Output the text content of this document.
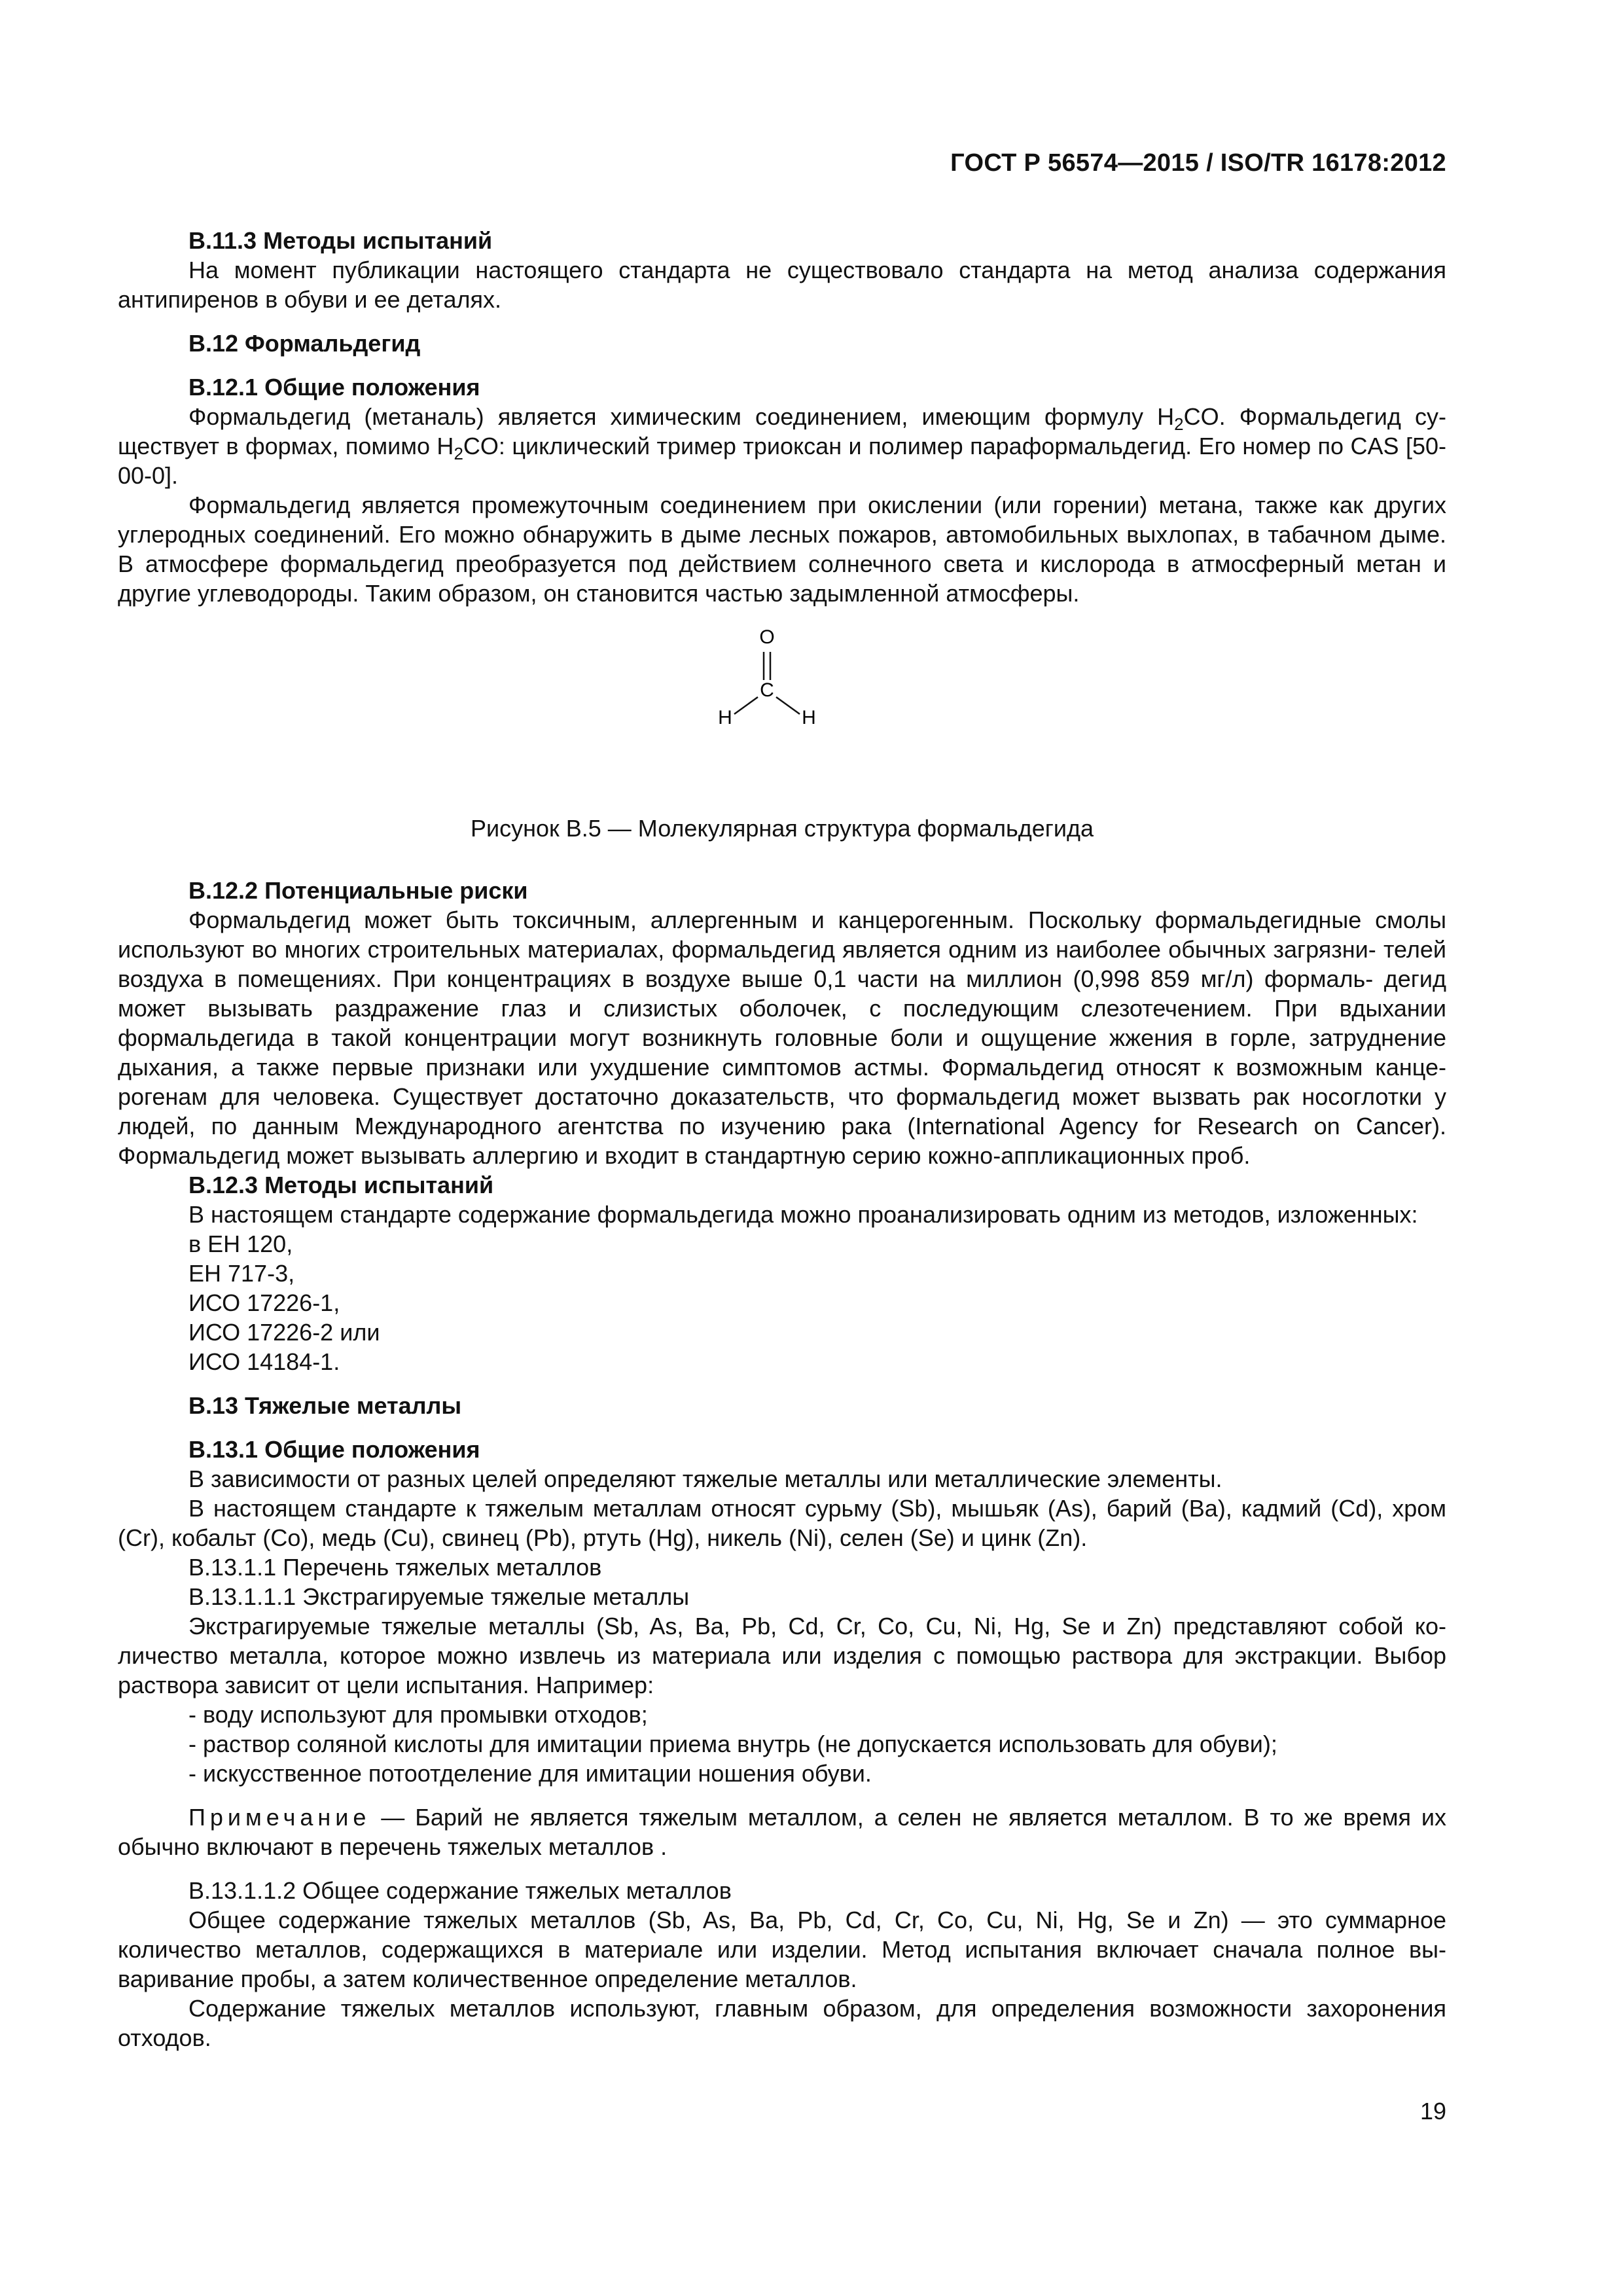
ГОСТ Р 56574—2015 / ISO/TR 16178:2012

В.11.3 Методы испытаний

На момент публикации настоящего стандарта не существовало стандарта на метод анализа содержания антипиренов в обуви и ее деталях.

В.12 Формальдегид

В.12.1 Общие положения

Формальдегид (метаналь) является химическим соединением, имеющим формулу $H_2CO$. Формальдегид су- ществует в формах, помимо $H_2CO$: циклический тример триоксан и полимер параформальдегид. Его номер по CAS [50-00-0].

Формальдегид является промежуточным соединением при окислении (или горении) метана, также как других углеродных соединений. Его можно обнаружить в дыме лесных пожаров, автомобильных выхлопах, в табачном дыме. В атмосфере формальдегид преобразуется под действием солнечного света и кислорода в атмосферный метан и другие углеводороды. Таким образом, он становится частью задымленной атмосферы.

O
C
H	H

Рисунок В.5 — Молекулярная структура формальдегида

В.12.2 Потенциальные риски

Формальдегид может быть токсичным, аллергенным и канцерогенным. Поскольку формальдегидные смолы используют во многих строительных материалах, формальдегид является одним из наиболее обычных загрязни- телей воздуха в помещениях. При концентрациях в воздухе выше 0,1 части на миллион (0,998 859 мг/л) формаль- дегид может вызывать раздражение глаз и слизистых оболочек, с последующим слезотечением. При вдыхании формальдегида в такой концентрации могут возникнуть головные боли и ощущение жжения в горле, затруднение дыхания, а также первые признаки или ухудшение симптомов астмы. Формальдегид относят к возможным канце- рогенам для человека. Существует достаточно доказательств, что формальдегид может вызвать рак носоглотки у людей, по данным Международного агентства по изучению рака (International Agency for Research on Cancer). Формальдегид может вызывать аллергию и входит в стандартную серию кожно-аппликационных проб.

В.12.3 Методы испытаний

В настоящем стандарте содержание формальдегида можно проанализировать одним из методов, изложенных:

в ЕН 120,

ЕН 717-3,

ИСО 17226-1,

ИСО 17226-2 или

ИСО 14184-1.

В.13 Тяжелые металлы

В.13.1 Общие положения

В зависимости от разных целей определяют тяжелые металлы или металлические элементы.

В настоящем стандарте к тяжелым металлам относят сурьму (Sb), мышьяк (As), барий (Ba), кадмий (Cd), хром (Cr), кобальт (Co), медь (Cu), свинец (Pb), ртуть (Hg), никель (Ni), селен (Se) и цинк (Zn).

В.13.1.1 Перечень тяжелых металлов

В.13.1.1.1 Экстрагируемые тяжелые металлы

Экстрагируемые тяжелые металлы (Sb, As, Ba, Pb, Cd, Cr, Co, Cu, Ni, Hg, Se и Zn) представляют собой ко- личество металла, которое можно извлечь из материала или изделия с помощью раствора для экстракции. Выбор раствора зависит от цели испытания. Например:

- воду используют для промывки отходов;

- раствор соляной кислоты для имитации приема внутрь (не допускается использовать для обуви);

- искусственное потоотделение для имитации ношения обуви.

Примечание — Барий не является тяжелым металлом, а селен не является металлом. В то же время их обычно включают в перечень тяжелых металлов .

В.13.1.1.2 Общее содержание тяжелых металлов

Общее содержание тяжелых металлов (Sb, As, Ba, Pb, Cd, Cr, Co, Cu, Ni, Hg, Se и Zn) — это суммарное количество металлов, содержащихся в материале или изделии. Метод испытания включает сначала полное вы- варивание пробы, а затем количественное определение металлов.

Содержание тяжелых металлов используют, главным образом, для определения возможности захоронения отходов.

19
